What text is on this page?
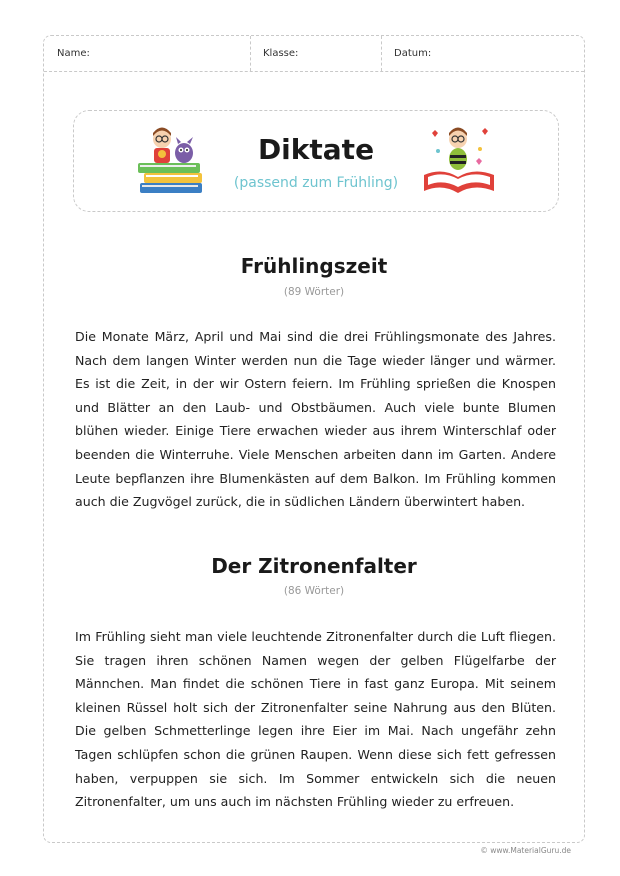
Name:	Klasse:	Datum:
Diktate
(passend zum Frühling)
Frühlingszeit
(89 Wörter)

Die Monate März, April und Mai sind die drei Frühlingsmonate des Jahres. Nach dem langen Winter werden nun die Tage wieder länger und wärmer. Es ist die Zeit, in der wir Ostern feiern. Im Frühling sprießen die Knospen und Blätter an den Laub- und Obstbäumen. Auch viele bunte Blumen blühen wieder. Einige Tiere erwachen wieder aus ihrem Winterschlaf oder beenden die Winterruhe. Viele Menschen arbeiten dann im Garten. Andere Leute bepflanzen ihre Blumenkästen auf dem Balkon. Im Frühling kommen auch die Zugvögel zurück, die in südlichen Ländern überwintert haben.

Der Zitronenfalter
(86 Wörter)

Im Frühling sieht man viele leuchtende Zitronenfalter durch die Luft fliegen. Sie tragen ihren schönen Namen wegen der gelben Flügelfarbe der Männchen. Man findet die schönen Tiere in fast ganz Europa. Mit seinem kleinen Rüssel holt sich der Zitronenfalter seine Nahrung aus den Blüten. Die gelben Schmetterlinge legen ihre Eier im Mai. Nach ungefähr zehn Tagen schlüpfen schon die grünen Raupen. Wenn diese sich fett gefressen haben, verpuppen sie sich. Im Sommer entwickeln sich die neuen Zitronenfalter, um uns auch im nächsten Frühling wieder zu erfreuen.

© www.MaterialGuru.de
